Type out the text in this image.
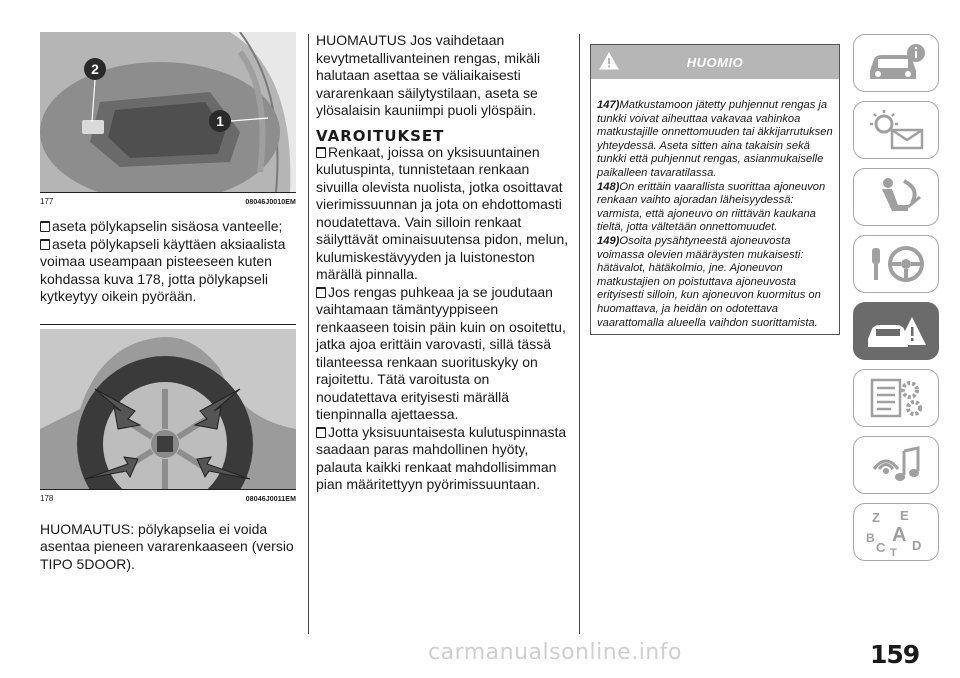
2
1
177	08046J0010EM
aseta pölykapselin sisäosa vanteelle;
aseta pölykapseli käyttäen aksiaalista
voimaa useampaan pisteeseen kuten kohdassa kuva 178, jotta pölykapseli kytkeytyy oikein pyörään.
178	08046J0011EM
HUOMAUTUS: pölykapselia ei voida asentaa pieneen vararenkaaseen (versio TIPO 5DOOR).
HUOMAUTUS Jos vaihdetaan kevytmetallivanteinen rengas, mikäli halutaan asettaa se väliaikaisesti vararenkaan säilytystilaan, aseta se ylösalaisin kauniimpi puoli ylöspäin.
VAROITUKSET
Renkaat, joissa on yksisuuntainen kulutuspinta, tunnistetaan renkaan sivuilla olevista nuolista, jotka osoittavat vierimissuunnan ja jota on ehdottomasti noudatettava. Vain silloin renkaat säilyttävät ominaisuutensa pidon, melun, kulumiskestävyyden ja luistoneston märällä pinnalla.
Jos rengas puhkeaa ja se joudutaan vaihtamaan tämäntyyppiseen renkaaseen toisin päin kuin on osoitettu, jatka ajoa erittäin varovasti, sillä tässä tilanteessa renkaan suorituskyky on rajoitettu. Tätä varoitusta on noudatettava erityisesti märällä tienpinnalla ajettaessa.
Jotta yksisuuntaisesta kulutuspinnasta saadaan paras mahdollinen hyöty, palauta kaikki renkaat mahdollisimman pian määritettyyn pyörimissuuntaan.
HUOMIO
147)Matkustamoon jätetty puhjennut rengas ja tunkki voivat aiheuttaa vakavaa vahinkoa matkustajille onnettomuuden tai äkkijarrutuksen yhteydessä. Aseta sitten aina takaisin sekä tunkki että puhjennut rengas, asianmukaiselle paikalleen tavaratilassa.
148)On erittäin vaarallista suorittaa ajoneuvon renkaan vaihto ajoradan läheisyydessä: varmista, että ajoneuvo on riittävän kaukana tieltä, jotta vältetään onnettomuudet.
149)Osoita pysähtyneestä ajoneuvosta voimassa olevien määräysten mukaisesti: hätävalot, hätäkolmio, jne. Ajoneuvon matkustajien on poistuttava ajoneuvosta erityisesti silloin, kun ajoneuvon kuormitus on huomattava, ja heidän on odotettava vaarattomalla alueella vaihdon suorittamista.
Z E
B A
C D
T
159
carmanualsonline.info
